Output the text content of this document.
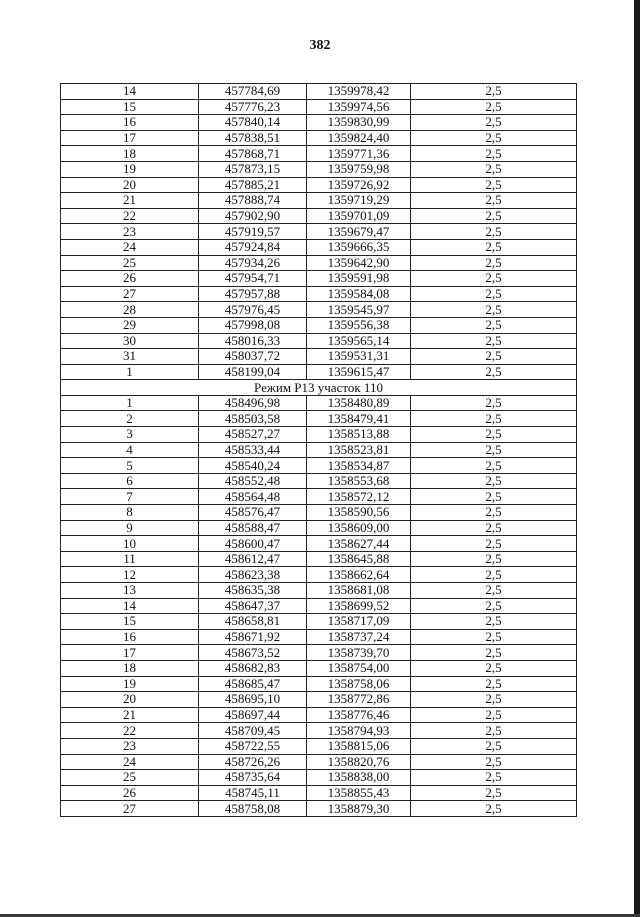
382
14	457784,69	1359978,42	2,5
15	457776,23	1359974,56	2,5
16	457840,14	1359830,99	2,5
17	457838,51	1359824,40	2,5
18	457868,71	1359771,36	2,5
19	457873,15	1359759,98	2,5
20	457885,21	1359726,92	2,5
21	457888,74	1359719,29	2,5
22	457902,90	1359701,09	2,5
23	457919,57	1359679,47	2,5
24	457924,84	1359666,35	2,5
25	457934,26	1359642,90	2,5
26	457954,71	1359591,98	2,5
27	457957,88	1359584,08	2,5
28	457976,45	1359545,97	2,5
29	457998,08	1359556,38	2,5
30	458016,33	1359565,14	2,5
31	458037,72	1359531,31	2,5
1	458199,04	1359615,47	2,5
Режим Р13 участок 110			
1	458496,98	1358480,89	2,5
2	458503,58	1358479,41	2,5
3	458527,27	1358513,88	2,5
4	458533,44	1358523,81	2,5
5	458540,24	1358534,87	2,5
6	458552,48	1358553,68	2,5
7	458564,48	1358572,12	2,5
8	458576,47	1358590,56	2,5
9	458588,47	1358609,00	2,5
10	458600,47	1358627,44	2,5
11	458612,47	1358645,88	2,5
12	458623,38	1358662,64	2,5
13	458635,38	1358681,08	2,5
14	458647,37	1358699,52	2,5
15	458658,81	1358717,09	2,5
16	458671,92	1358737,24	2,5
17	458673,52	1358739,70	2,5
18	458682,83	1358754,00	2,5
19	458685,47	1358758,06	2,5
20	458695,10	1358772,86	2,5
21	458697,44	1358776,46	2,5
22	458709,45	1358794,93	2,5
23	458722,55	1358815,06	2,5
24	458726,26	1358820,76	2,5
25	458735,64	1358838,00	2,5
26	458745,11	1358855,43	2,5
27	458758,08	1358879,30	2,5
